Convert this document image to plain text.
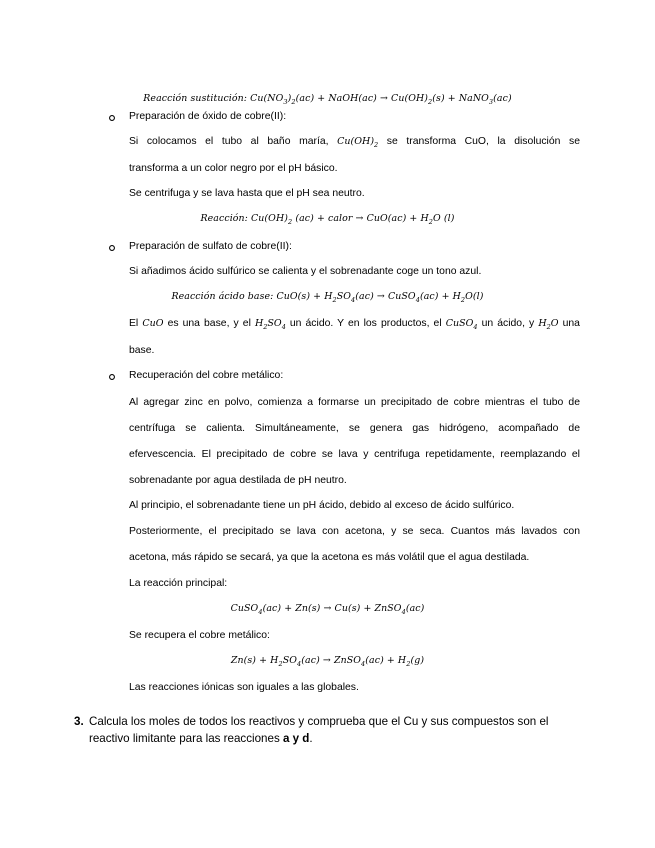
Reacción sustitución: $Cu(NO_3)_2(ac)$ + NaOH(ac) → $Cu(OH)_2(s)$ + NaNO$_3$(ac)
Preparación de óxido de cobre(II):
Si colocamos el tubo al baño maría, $Cu(OH)_2$ se transforma CuO, la disolución se
transforma a un color negro por el pH básico.
Se centrifuga y se lava hasta que el pH sea neutro.
Reacción: $Cu(OH)_2$ (ac) + calor → $CuO(ac) + H_2O$ (l)
Preparación de sulfato de cobre(II):
Si añadimos ácido sulfúrico se calienta y el sobrenadante coge un tono azul.
Reacción ácido base: $CuO(s) + H_2SO_4(ac)$ → CuSO$_4$(ac) + $H_2O(l)$
El CuO es una base, y el $H_2SO_4$ un ácido. Y en los productos, el CuSO$_4$ un ácido, y $H_2O$ una
base.
Recuperación del cobre metálico:
Al agregar zinc en polvo, comienza a formarse un precipitado de cobre mientras el tubo de
centrífuga se calienta. Simultáneamente, se genera gas hidrógeno, acompañado de
efervescencia. El precipitado de cobre se lava y centrifuga repetidamente, reemplazando el
sobrenadante por agua destilada de pH neutro.
Al principio, el sobrenadante tiene un pH ácido, debido al exceso de ácido sulfúrico.
Posteriormente, el precipitado se lava con acetona, y se seca. Cuantos más lavados con
acetona, más rápido se secará, ya que la acetona es más volátil que el agua destilada.
La reacción principal:
CuSO$_4$(ac) + Zn(s) → Cu(s) + ZnSO$_4$(ac)
Se recupera el cobre metálico:
$Zn(s) + H_2SO_4(ac)$ → ZnSO$_4$(ac) + $H_2(g)$
Las reacciones iónicas son iguales a las globales.
3. Calcula los moles de todos los reactivos y comprueba que el Cu y sus compuestos son el
reactivo limitante para las reacciones a y d.
